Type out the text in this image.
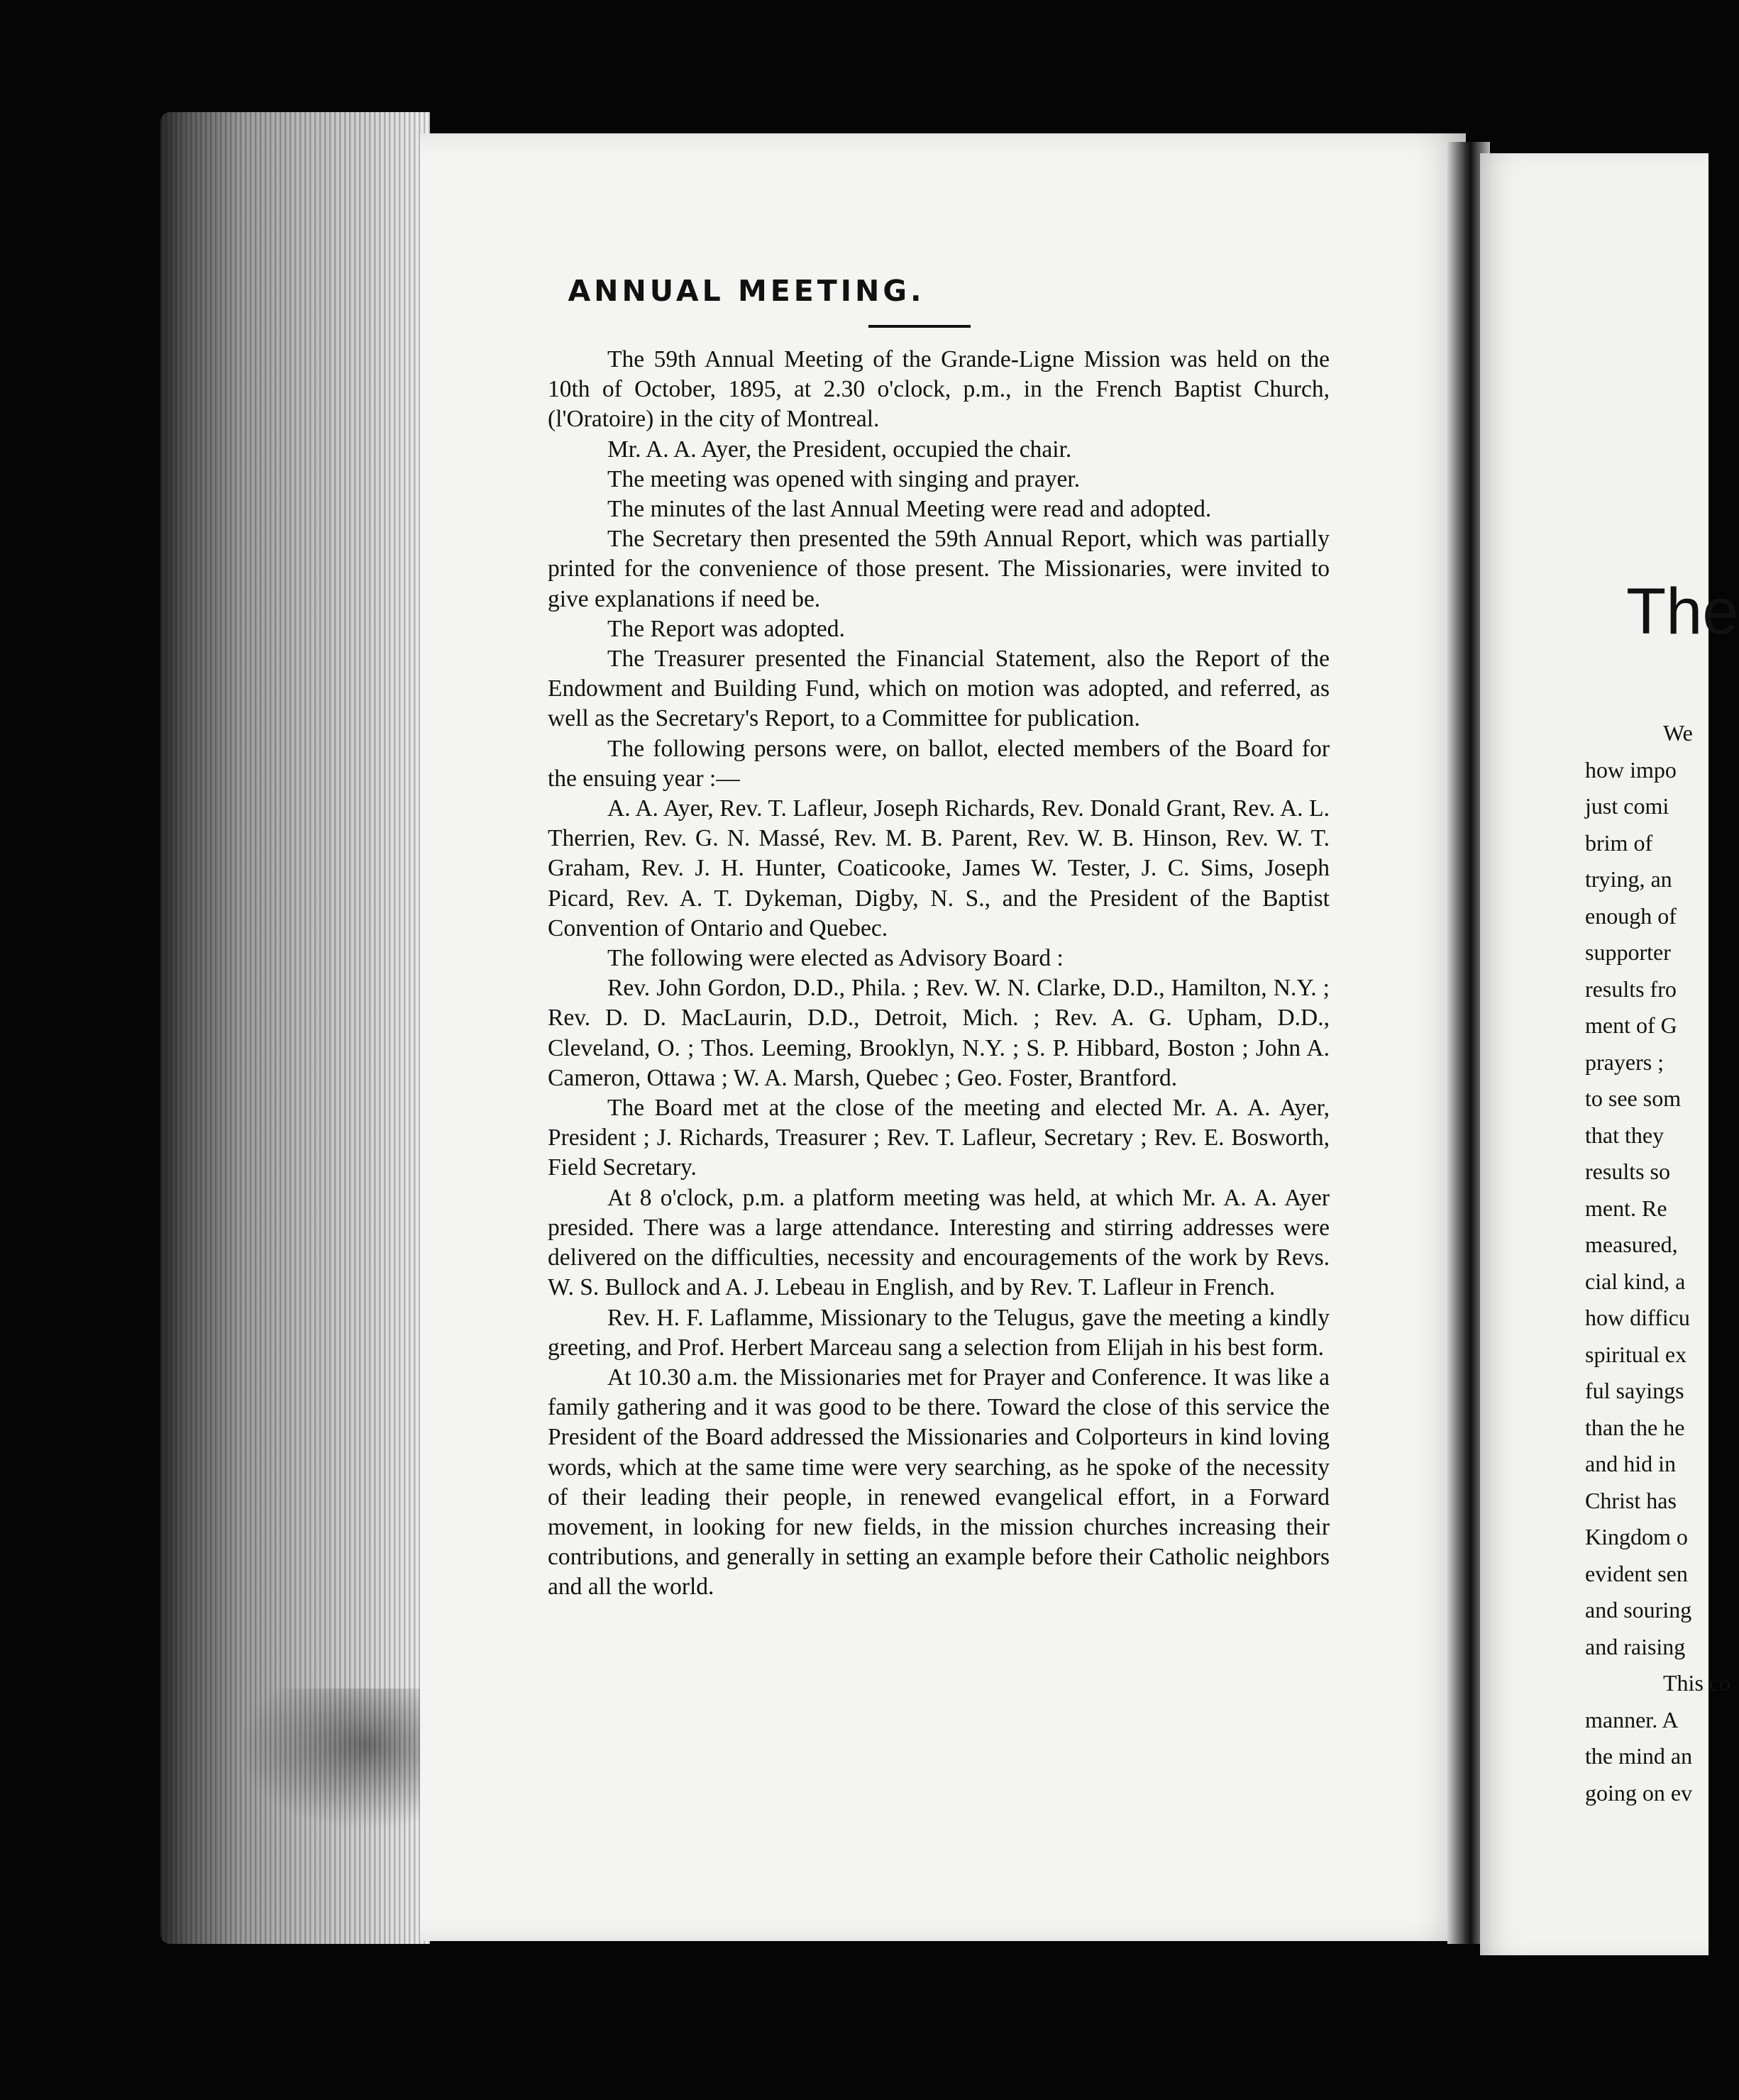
ANNUAL MEETING.

The 59th Annual Meeting of the Grande-Ligne Mission was held on the 10th of October, 1895, at 2.30 o'clock, p.m., in the French Baptist Church, (l'Oratoire) in the city of Montreal.

Mr. A. A. Ayer, the President, occupied the chair.

The meeting was opened with singing and prayer.

The minutes of the last Annual Meeting were read and adopted.

The Secretary then presented the 59th Annual Report, which was partially printed for the convenience of those present. The Missionaries, were invited to give explanations if need be.

The Report was adopted.

The Treasurer presented the Financial Statement, also the Report of the Endowment and Building Fund, which on motion was adopted, and referred, as well as the Secretary's Report, to a Committee for publication.

The following persons were, on ballot, elected members of the Board for the ensuing year :—

A. A. Ayer, Rev. T. Lafleur, Joseph Richards, Rev. Donald Grant, Rev. A. L. Therrien, Rev. G. N. Massé, Rev. M. B. Parent, Rev. W. B. Hinson, Rev. W. T. Graham, Rev. J. H. Hunter, Coaticooke, James W. Tester, J. C. Sims, Joseph Picard, Rev. A. T. Dykeman, Digby, N. S., and the President of the Baptist Convention of Ontario and Quebec.

The following were elected as Advisory Board :

Rev. John Gordon, D.D., Phila. ; Rev. W. N. Clarke, D.D., Hamilton, N.Y. ; Rev. D. D. MacLaurin, D.D., Detroit, Mich. ; Rev. A. G. Upham, D.D., Cleveland, O. ; Thos. Leeming, Brooklyn, N.Y. ; S. P. Hibbard, Boston ; John A. Cameron, Ottawa ; W. A. Marsh, Quebec ; Geo. Foster, Brantford.

The Board met at the close of the meeting and elected Mr. A. A. Ayer, President ; J. Richards, Treasurer ; Rev. T. Lafleur, Secretary ; Rev. E. Bosworth, Field Secretary.

At 8 o'clock, p.m. a platform meeting was held, at which Mr. A. A. Ayer presided. There was a large attendance. Interesting and stirring addresses were delivered on the difficulties, necessity and encouragements of the work by Revs. W. S. Bullock and A. J. Lebeau in English, and by Rev. T. Lafleur in French.

Rev. H. F. Laflamme, Missionary to the Telugus, gave the meeting a kindly greeting, and Prof. Herbert Marceau sang a selection from Elijah in his best form.

At 10.30 a.m. the Missionaries met for Prayer and Conference. It was like a family gathering and it was good to be there. Toward the close of this service the President of the Board addressed the Missionaries and Colporteurs in kind loving words, which at the same time were very searching, as he spoke of the necessity of their leading their people, in renewed evangelical effort, in a Forward movement, in looking for new fields, in the mission churches increasing their contributions, and generally in setting an example before their Catholic neighbors and all the world.

The
We
how impo
just comi
brim of
trying, an
enough of
supporter
results fro
ment of G
prayers ;
to see som
that they
results so
ment. Re
measured,
cial kind, a
how difficu
spiritual ex
ful sayings
than the he
and hid in
Christ has
Kingdom o
evident sen
and souring
and raising
This co
manner. A
the mind an
going on ev
